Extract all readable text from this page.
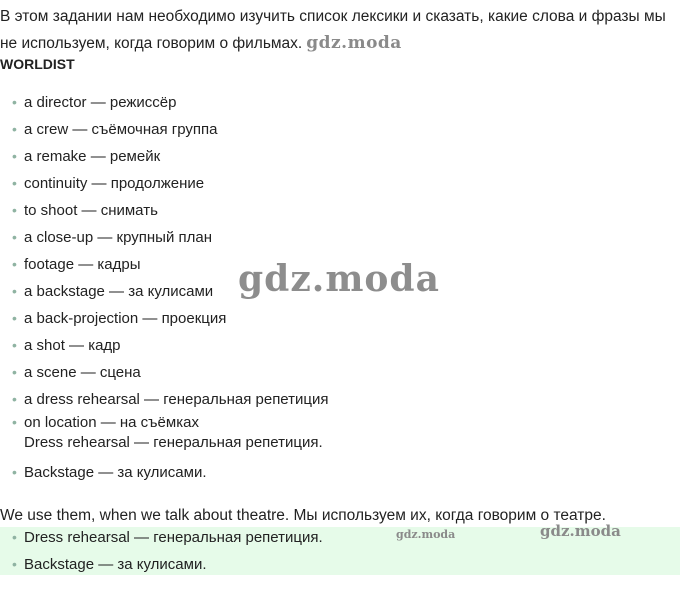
В этом задании нам необходимо изучить список лексики и сказать, какие слова и фразы мы не используем, когда говорим о фильмах. gdz.moda

WORLDIST

• a director — режиссёр
• a crew — съёмочная группа
• a remake — ремейк
• continuity — продолжение
• to shoot — снимать
• a close-up — крупный план
• footage — кадры
• a backstage — за кулисами
• a back-projection — проекция
• a shot — кадр
• a scene — сцена
• a dress rehearsal — генеральная репетиция
• on location — на съёмках
Dress rehearsal — генеральная репетиция.
• Backstage — за кулисами.

We use them, when we talk about theatre. Мы используем их, когда говорим о театре.

• Dress rehearsal — генеральная репетиция.
• Backstage — за кулисами.
gdz.moda
gdz.moda	gdz.moda
